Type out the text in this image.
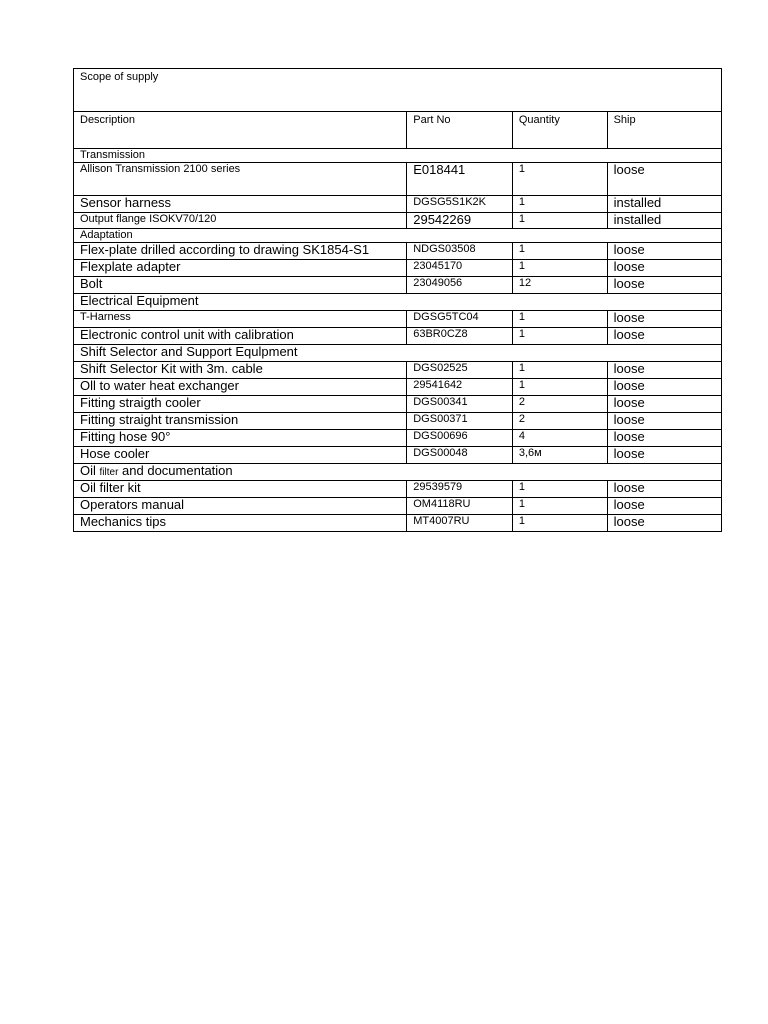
Scope of supply			
Description	Part No	Quantity	Ship
Transmission			
Allison Transmission 2100 series	E018441	1	loose
Sensor harness	DGSG5S1K2K	1	installed
Output flange ISOKV70/120	29542269	1	installed
Adaptation			
Flex-plate drilled according to drawing SK1854-S1	NDGS03508	1	loose
Flexplate adapter	23045170	1	loose
Bolt	23049056	12	loose
Electrical Equipment			
T-Harness	DGSG5TC04	1	loose
Electronic control unit with calibration	63BR0CZ8	1	loose
Shift Selector and Support Equlpment			
Shift Selector Kit with 3m. cable	DGS02525	1	loose
Oll to water heat exchanger	29541642	1	loose
Fitting straigth cooler	DGS00341	2	loose
Fitting straight transmission	DGS00371	2	loose
Fitting hose 90°	DGS00696	4	loose
Hose cooler	DGS00048	3,6м	loose
Oil filter and documentation			
Oil filter kit	29539579	1	loose
Operators manual	OM4118RU	1	loose
Mechanics tips	MT4007RU	1	loose
